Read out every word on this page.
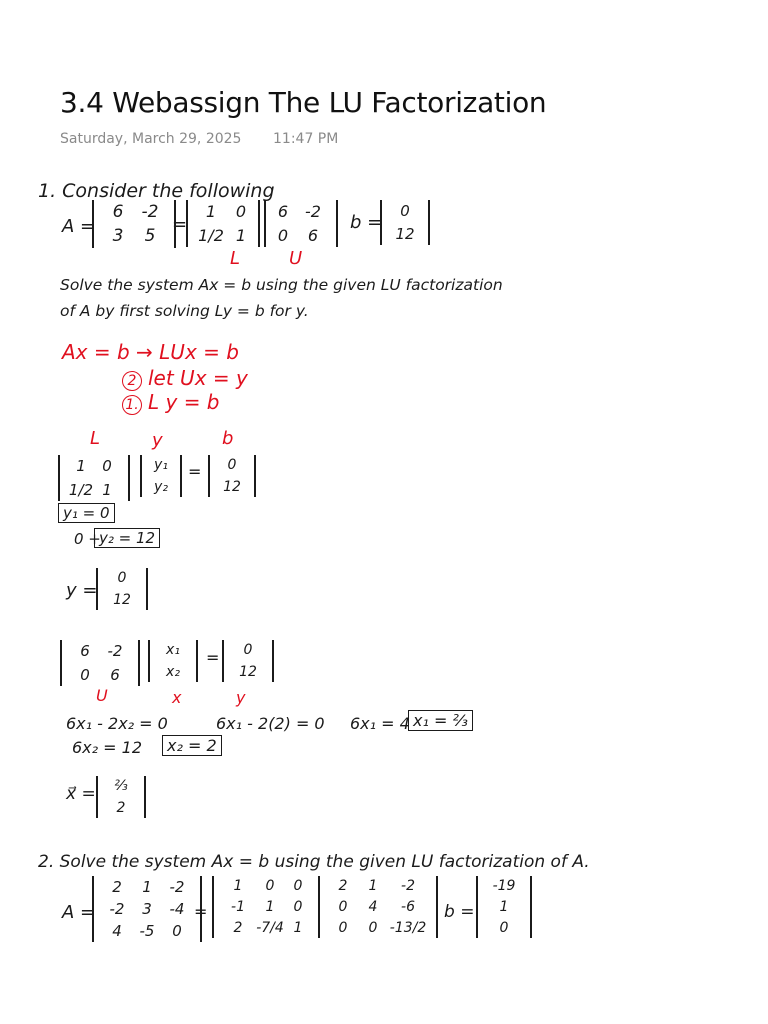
3.4 Webassign The LU Factorization
Saturday, March 29, 2025 11:47 PM
1. Consider the following
A =
6	-2
3	5
=
1	0
1/2 1
6	-2
0	6
b =
0
12
L	U
Solve the system Ax = b using the given LU factorization
of A by first solving Ly = b for y.
Ax = b → LUx = b
2 let Ux = y
1. L y = b
L	y	b
1	0
1/2 1
y₁
y₂
=	0
12
y₁ = 0
0 +
y₂ = 12
y =
0
12
6	-2
0	6
x₁
x₂
=	0
12
U	x	y
6x₁ - 2x₂ = 0	6x₁ - 2(2) = 0 6x₁ = 4 x₁ = ²⁄₃
6x₂ = 12	x₂ = 2
x⃗ =	²⁄₃
2
2. Solve the system Ax = b using the given LU factorization of A.
A =
2	1	-2
-2	3	-4
4	-5	0
=
1	0	0
-1	1	0
2 -7/4 1
2	1	-2
0	4	-6
0	0 -13/2
b =
-19
1
0
